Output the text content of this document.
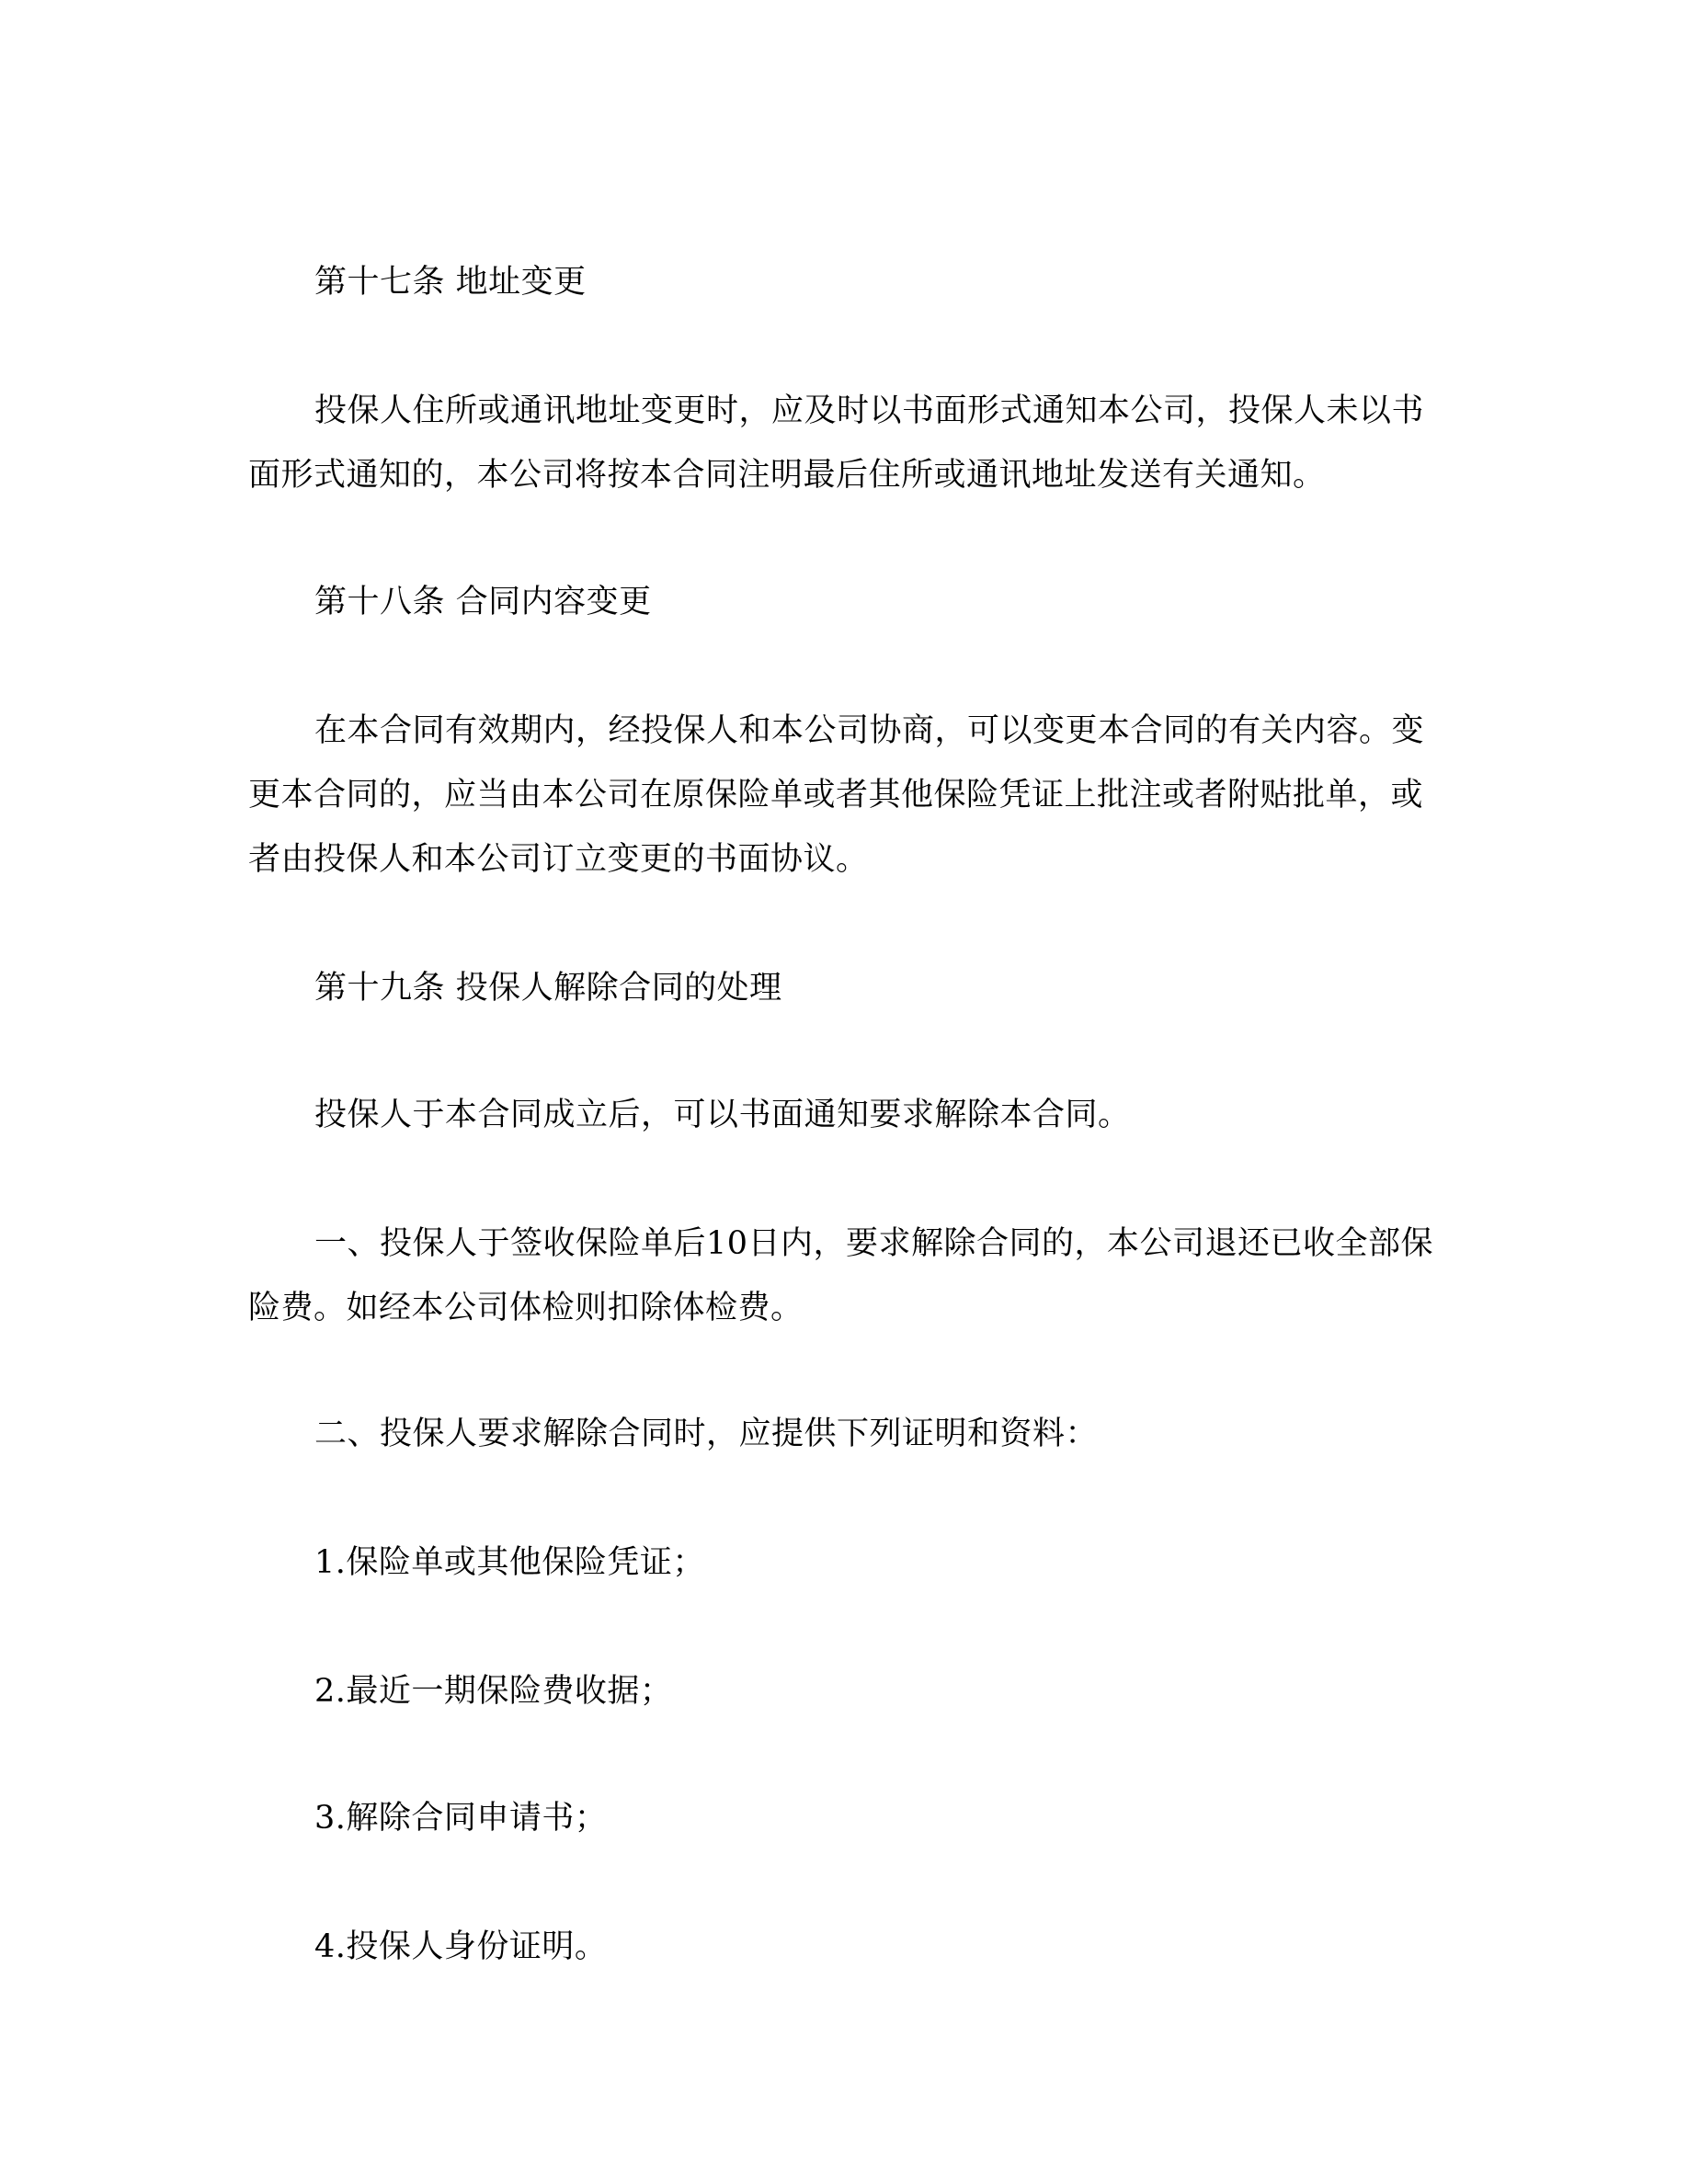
第十七条 地址变更

投保人住所或通讯地址变更时，应及时以书面形式通知本公司，投保人未以书面形式通知的，本公司将按本合同注明最后住所或通讯地址发送有关通知。

第十八条 合同内容变更

在本合同有效期内，经投保人和本公司协商，可以变更本合同的有关内容。变更本合同的，应当由本公司在原保险单或者其他保险凭证上批注或者附贴批单，或者由投保人和本公司订立变更的书面协议。

第十九条 投保人解除合同的处理

投保人于本合同成立后，可以书面通知要求解除本合同。

一、投保人于签收保险单后10日内，要求解除合同的，本公司退还已收全部保险费。如经本公司体检则扣除体检费。

二、投保人要求解除合同时，应提供下列证明和资料：

1.保险单或其他保险凭证；

2.最近一期保险费收据；

3.解除合同申请书；

4.投保人身份证明。
